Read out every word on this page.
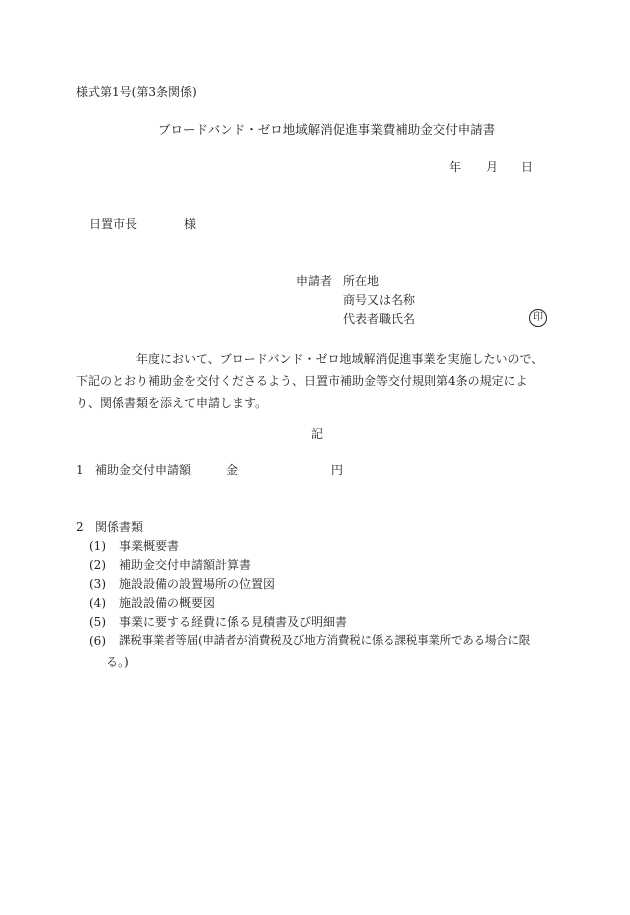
様式第1号(第3条関係)
ブロードバンド・ゼロ地域解消促進事業費補助金交付申請書
年 月 日
日置市長	様
申請者 所在地
商号又は名称
代表者職氏名	印
年度において、ブロードバンド・ゼロ地域解消促進事業を実施したいので、下記のとおり補助金を交付くださるよう、日置市補助金等交付規則第4条の規定により、関係書類を添えて申請します。
記
1 補助金交付申請額	金	円
2 関係書類
(1) 事業概要書
(2) 補助金交付申請額計算書
(3) 施設設備の設置場所の位置図
(4) 施設設備の概要図
(5) 事業に要する経費に係る見積書及び明細書
(6) 課税事業者等届(申請者が消費税及び地方消費税に係る課税事業所である場合に限
る。)
